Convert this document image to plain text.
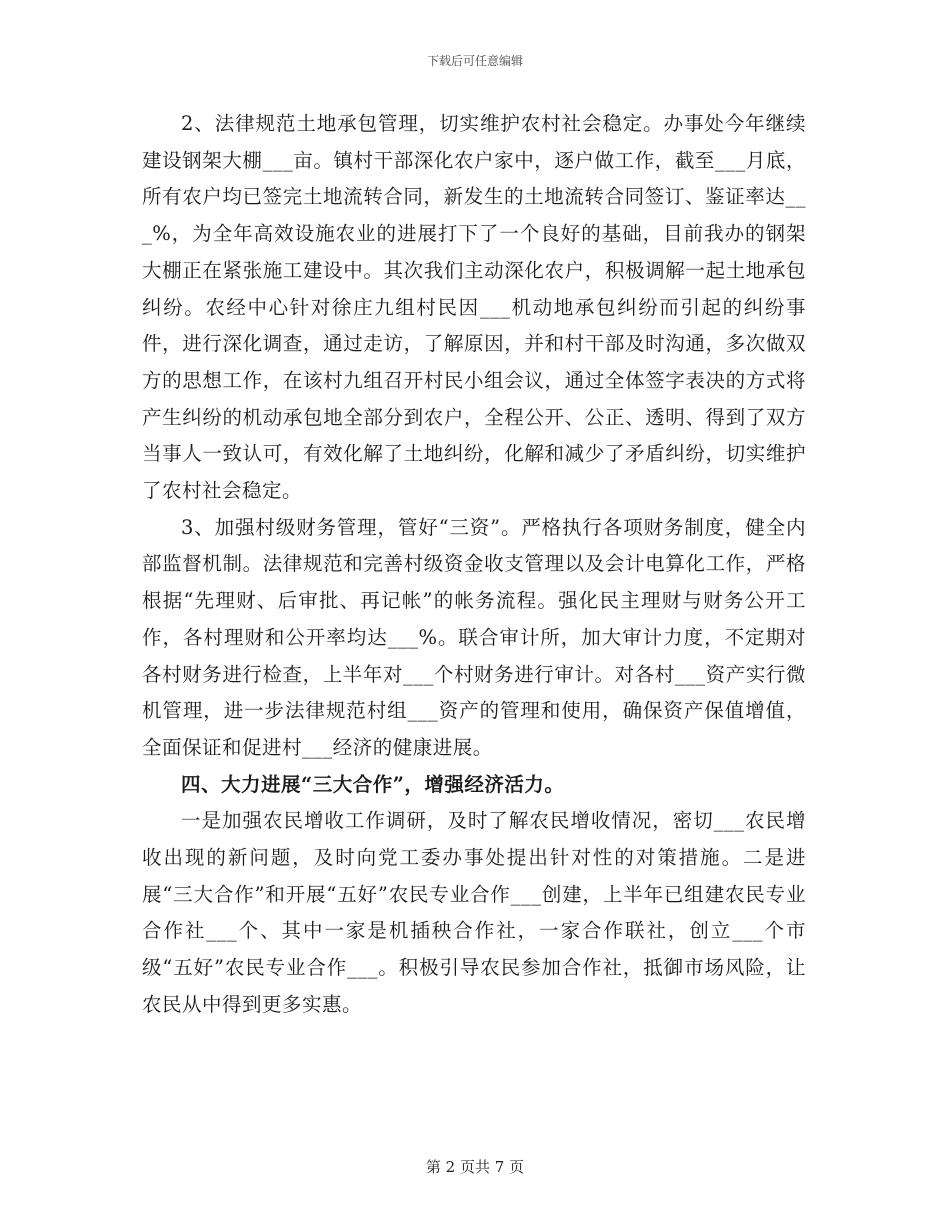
下载后可任意编辑

2、法律规范土地承包管理，切实维护农村社会稳定。办事处今年继续建设钢架大棚___亩。镇村干部深化农户家中，逐户做工作，截至___月底，所有农户均已签完土地流转合同，新发生的土地流转合同签订、鉴证率达___%，为全年高效设施农业的进展打下了一个良好的基础，目前我办的钢架大棚正在紧张施工建设中。其次我们主动深化农户，积极调解一起土地承包纠纷。农经中心针对徐庄九组村民因___机动地承包纠纷而引起的纠纷事件，进行深化调查，通过走访，了解原因，并和村干部及时沟通，多次做双方的思想工作，在该村九组召开村民小组会议，通过全体签字表决的方式将产生纠纷的机动承包地全部分到农户，全程公开、公正、透明、得到了双方当事人一致认可，有效化解了土地纠纷，化解和减少了矛盾纠纷，切实维护了农村社会稳定。

3、加强村级财务管理，管好“三资”。严格执行各项财务制度，健全内部监督机制。法律规范和完善村级资金收支管理以及会计电算化工作，严格根据“先理财、后审批、再记帐”的帐务流程。强化民主理财与财务公开工作，各村理财和公开率均达___%。联合审计所，加大审计力度，不定期对各村财务进行检查，上半年对___个村财务进行审计。对各村___资产实行微机管理，进一步法律规范村组___资产的管理和使用，确保资产保值增值，全面保证和促进村___经济的健康进展。

四、大力进展“三大合作”，增强经济活力。

一是加强农民增收工作调研，及时了解农民增收情况，密切___农民增收出现的新问题，及时向党工委办事处提出针对性的对策措施。二是进展“三大合作”和开展“五好”农民专业合作___创建，上半年已组建农民专业合作社___个、其中一家是机插秧合作社，一家合作联社，创立___个市级“五好”农民专业合作___。积极引导农民参加合作社，抵御市场风险，让农民从中得到更多实惠。

第 2 页共 7 页
